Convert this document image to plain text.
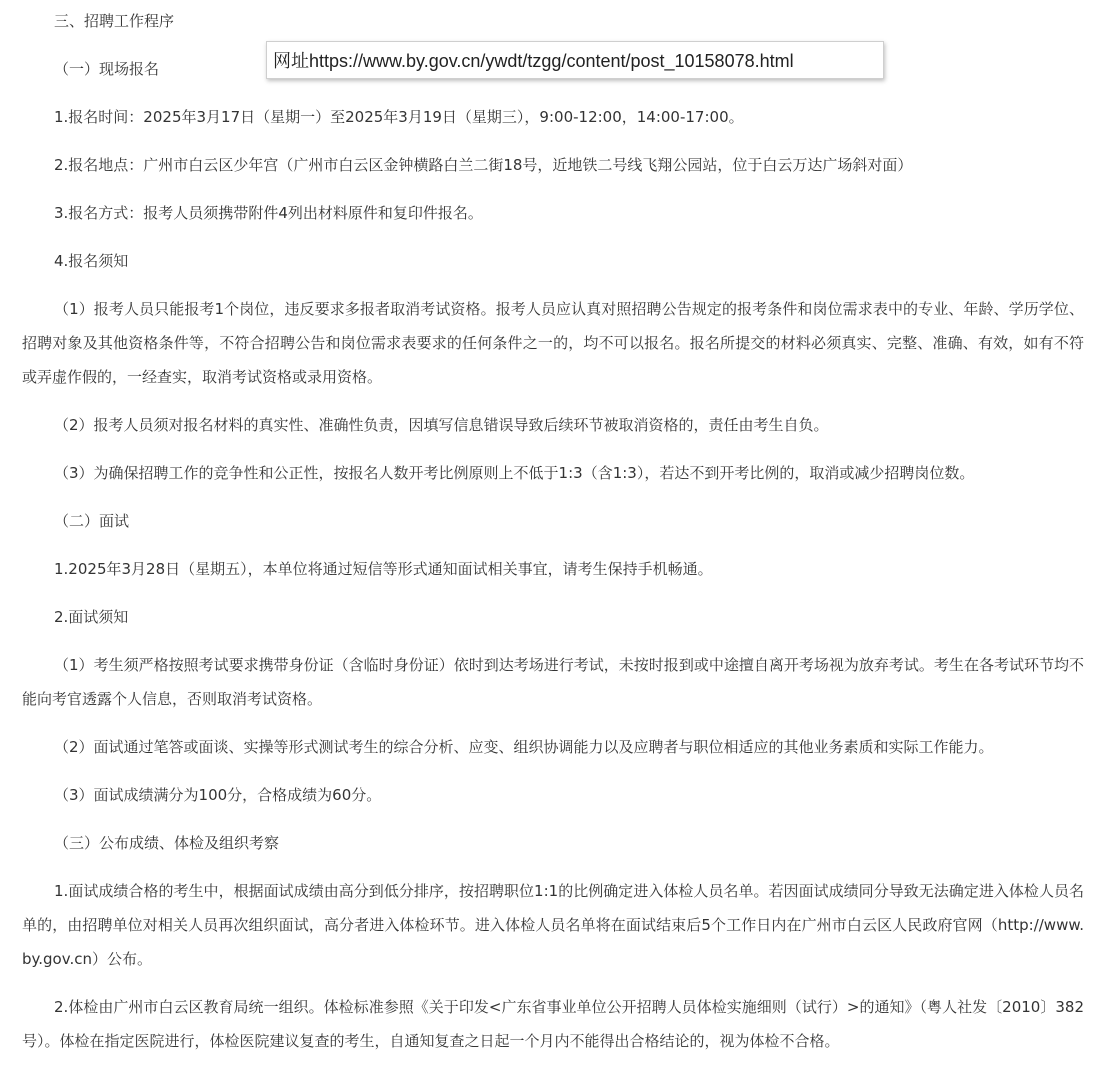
三、招聘工作程序

（一）现场报名

1.报名时间：2025年3月17日（星期一）至2025年3月19日（星期三），9:00-12:00，14:00-17:00。

2.报名地点：广州市白云区少年宫（广州市白云区金钟横路白兰二街18号，近地铁二号线飞翔公园站，位于白云万达广场斜对面）

3.报名方式：报考人员须携带附件4列出材料原件和复印件报名。

4.报名须知

（1）报考人员只能报考1个岗位，违反要求多报者取消考试资格。报考人员应认真对照招聘公告规定的报考条件和岗位需求表中的专业、年龄、学历学位、招聘对象及其他资格条件等，不符合招聘公告和岗位需求表要求的任何条件之一的，均不可以报名。报名所提交的材料必须真实、完整、准确、有效，如有不符或弄虚作假的，一经查实，取消考试资格或录用资格。

（2）报考人员须对报名材料的真实性、准确性负责，因填写信息错误导致后续环节被取消资格的，责任由考生自负。

（3）为确保招聘工作的竞争性和公正性，按报名人数开考比例原则上不低于1:3（含1:3），若达不到开考比例的，取消或减少招聘岗位数。

（二）面试

1.2025年3月28日（星期五），本单位将通过短信等形式通知面试相关事宜，请考生保持手机畅通。

2.面试须知

（1）考生须严格按照考试要求携带身份证（含临时身份证）依时到达考场进行考试，未按时报到或中途擅自离开考场视为放弃考试。考生在各考试环节均不能向考官透露个人信息，否则取消考试资格。

（2）面试通过笔答或面谈、实操等形式测试考生的综合分析、应变、组织协调能力以及应聘者与职位相适应的其他业务素质和实际工作能力。

（3）面试成绩满分为100分，合格成绩为60分。

（三）公布成绩、体检及组织考察

1.面试成绩合格的考生中，根据面试成绩由高分到低分排序，按招聘职位1:1的比例确定进入体检人员名单。若因面试成绩同分导致无法确定进入体检人员名单的，由招聘单位对相关人员再次组织面试，高分者进入体检环节。进入体检人员名单将在面试结束后5个工作日内在广州市白云区人民政府官网（http://www.by.gov.cn）公布。

2.体检由广州市白云区教育局统一组织。体检标准参照《关于印发<广东省事业单位公开招聘人员体检实施细则（试行）>的通知》（粤人社发〔2010〕382号）。体检在指定医院进行，体检医院建议复查的考生，自通知复查之日起一个月内不能得出合格结论的，视为体检不合格。

网址https://www.by.gov.cn/ywdt/tzgg/content/post_10158078.html
